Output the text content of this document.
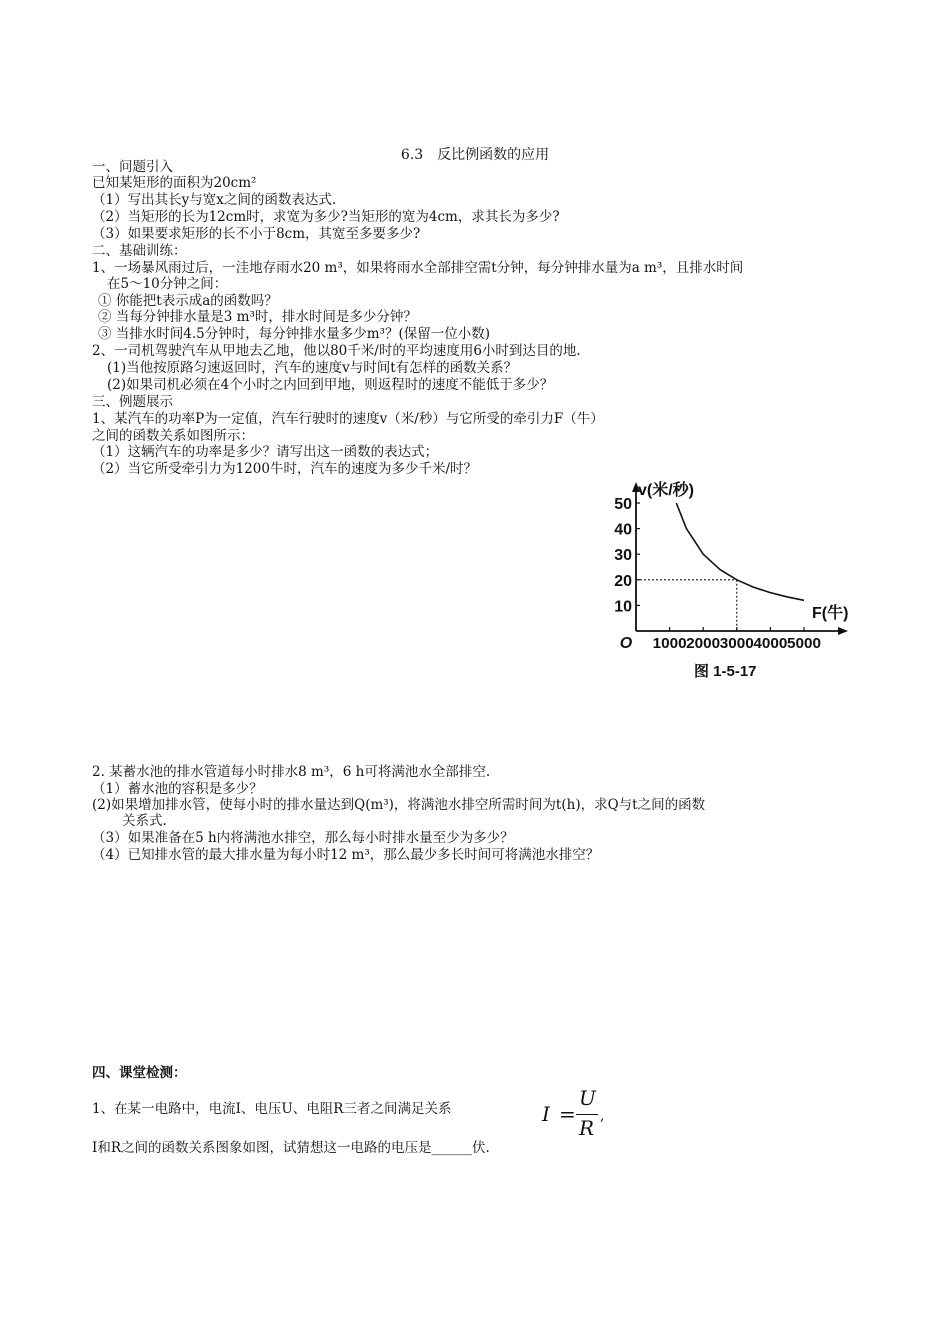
6.3　反比例函数的应用
一、问题引入
已知某矩形的面积为20cm²
（1）写出其长y与宽x之间的函数表达式.
（2）当矩形的长为12cm时，求宽为多少?当矩形的宽为4cm，求其长为多少?
（3）如果要求矩形的长不小于8cm，其宽至多要多少?
二、基础训练：
1、一场暴风雨过后，一洼地存雨水20 m³，如果将雨水全部排空需t分钟，每分钟排水量为a m³，且排水时间
在5～10分钟之间：
① 你能把t表示成a的函数吗？
② 当每分钟排水量是3 m³时，排水时间是多少分钟？
③ 当排水时间4.5分钟时，每分钟排水量多少m³？(保留一位小数)
2、一司机驾驶汽车从甲地去乙地，他以80千米/时的平均速度用6小时到达目的地.
(1)当他按原路匀速返回时，汽车的速度v与时间t有怎样的函数关系？
(2)如果司机必须在4个小时之内回到甲地，则返程时的速度不能低于多少？
三、例题展示
1、某汽车的功率P为一定值，汽车行驶时的速度v（米/秒）与它所受的牵引力F（牛）
之间的函数关系如图所示：
（1）这辆汽车的功率是多少？请写出这一函数的表达式；
（2）当它所受牵引力为1200牛时，汽车的速度为多少千米/时？
10
20
30
40
50
1000 2000 3000 4000 5000
O
v(米/秒)
F(牛)
图 1-5-17
2. 某蓄水池的排水管道每小时排水8 m³，6 h可将满池水全部排空.
（1）蓄水池的容积是多少？
(2)如果增加排水管，使每小时的排水量达到Q(m³)，将满池水排空所需时间为t(h)，求Q与t之间的函数
关系式.
（3）如果准备在5 h内将满池水排空，那么每小时排水量至少为多少？
（4）已知排水管的最大排水量为每小时12 m³，那么最少多长时间可将满池水排空？
四、课堂检测：
1、在某一电路中，电流I、电压U、电阻R三者之间满足关系	I =
U
R ,
I和R之间的函数关系图象如图，试猜想这一电路的电压是______伏.
